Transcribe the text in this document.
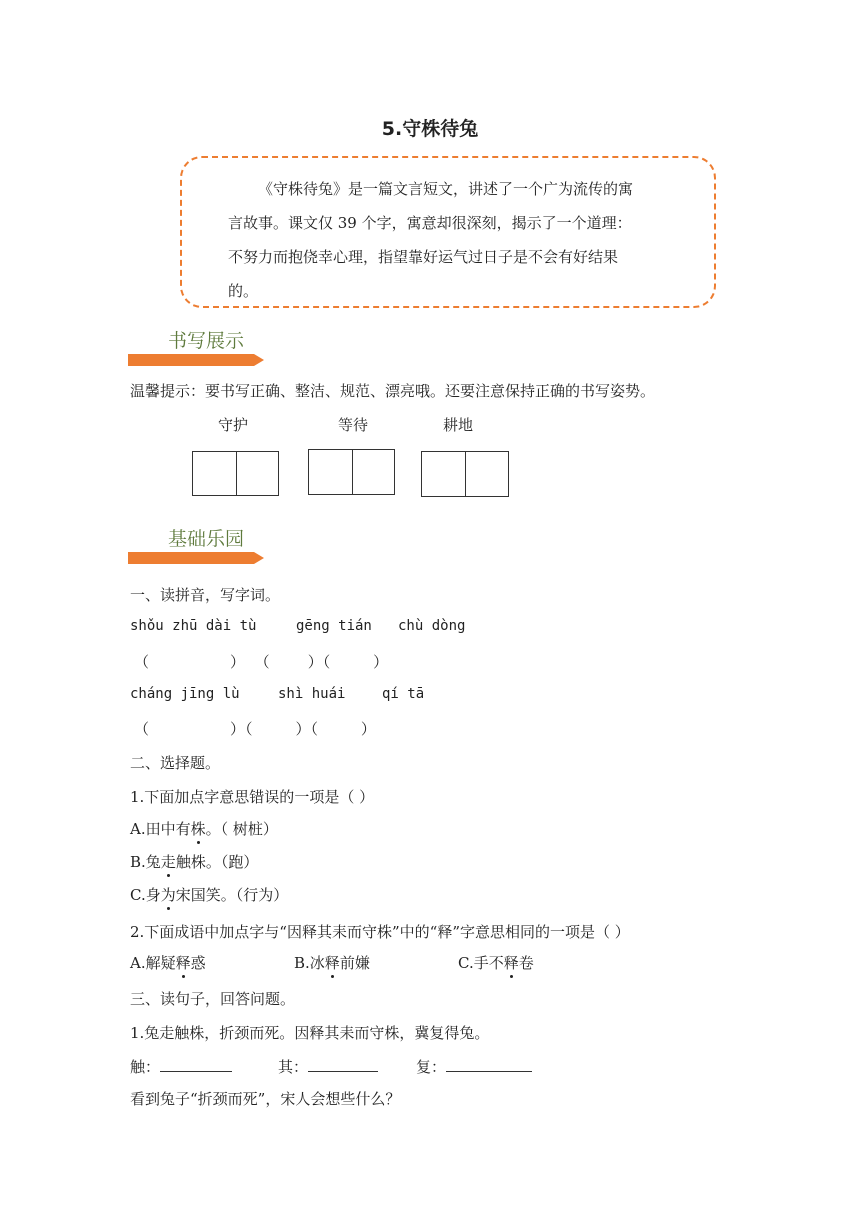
5.守株待兔
《守株待兔》是一篇文言短文，讲述了一个广为流传的寓
言故事。课文仅 39 个字，寓意却很深刻，揭示了一个道理：
不努力而抱侥幸心理，指望靠好运气过日子是不会有好结果
的。
书写展示
温馨提示：要书写正确、整洁、规范、漂亮哦。还要注意保持正确的书写姿势。
守护	等待	耕地
基础乐园
一、读拼音，写字词。
shǒu zhū dài tù	gēng tián chù dòng
（                 ）  （        ）（         ）
cháng jīng lù	shì huái	qí tā
（                 ）（         ）（         ）
二、选择题。
1.下面加点字意思错误的一项是（ ）
A.田中有株。（ 树桩）
B.兔走触株。（跑）
C.身为宋国笑。（行为）
2.下面成语中加点字与“因释其耒而守株”中的“释”字意思相同的一项是（ ）
A.解疑释惑	B.冰释前嫌	C.手不释卷
三、读句子，回答问题。
1.兔走触株，折颈而死。因释其耒而守株，冀复得兔。
触：	其：	复：
看到兔子“折颈而死”，宋人会想些什么？
